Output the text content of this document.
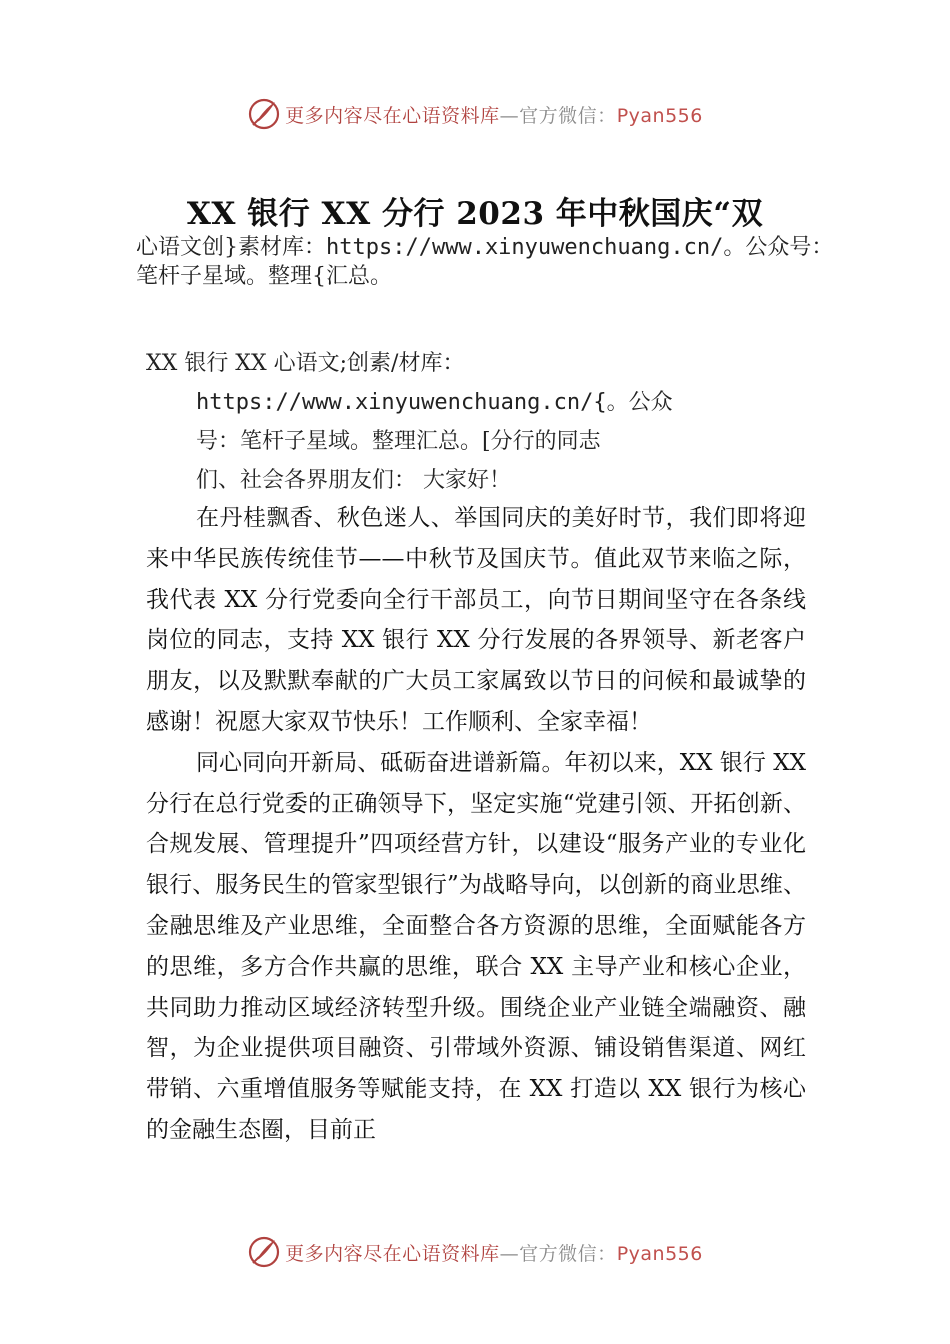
更多内容尽在心语资料库—官方微信：Pyan556
XX 银行 XX 分行 2023 年中秋国庆“双
心语文创}素材库：https://www.xinyuwenchuang.cn/。公众号：
笔杆子星域。整理{汇总。
XX 银行 XX 心语文;创素/材库：
https://www.xinyuwenchuang.cn/{。公众
号：笔杆子星域。整理汇总。[分行的同志
们、社会各界朋友们： 大家好！

在丹桂飘香、秋色迷人、举国同庆的美好时节，我们即将迎来中华民族传统佳节——中秋节及国庆节。值此双节来临之际，我代表 XX 分行党委向全行干部员工，向节日期间坚守在各条线岗位的同志，支持 XX 银行 XX 分行发展的各界领导、新老客户朋友，以及默默奉献的广大员工家属致以节日的问候和最诚挚的感谢！祝愿大家双节快乐！工作顺利、全家幸福！

同心同向开新局、砥砺奋进谱新篇。年初以来，XX 银行 XX 分行在总行党委的正确领导下，坚定实施“党建引领、开拓创新、合规发展、管理提升”四项经营方针，以建设“服务产业的专业化银行、服务民生的管家型银行”为战略导向，以创新的商业思维、金融思维及产业思维，全面整合各方资源的思维，全面赋能各方的思维，多方合作共赢的思维，联合 XX 主导产业和核心企业，共同助力推动区域经济转型升级。围绕企业产业链全端融资、融智，为企业提供项目融资、引带域外资源、铺设销售渠道、网红带销、六重增值服务等赋能支持，在 XX 打造以 XX 银行为核心的金融生态圈，目前正

更多内容尽在心语资料库—官方微信：Pyan556
